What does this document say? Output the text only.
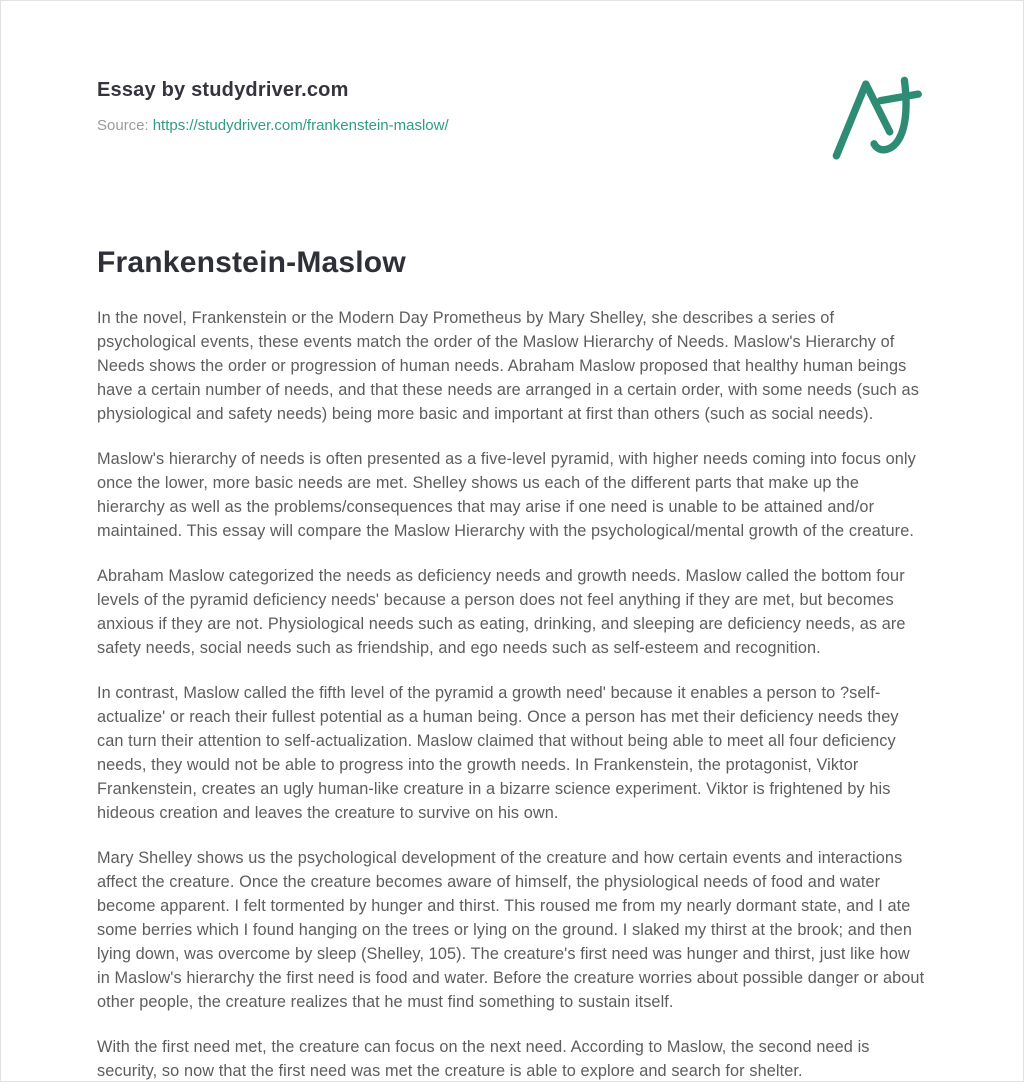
Essay by studydriver.com
Source: https://studydriver.com/frankenstein-maslow/
Frankenstein-Maslow

In the novel, Frankenstein or the Modern Day Prometheus by Mary Shelley, she describes a series of psychological events, these events match the order of the Maslow Hierarchy of Needs. Maslow's Hierarchy of Needs shows the order or progression of human needs. Abraham Maslow proposed that healthy human beings have a certain number of needs, and that these needs are arranged in a certain order, with some needs (such as physiological and safety needs) being more basic and important at first than others (such as social needs).

Maslow's hierarchy of needs is often presented as a five-level pyramid, with higher needs coming into focus only once the lower, more basic needs are met. Shelley shows us each of the different parts that make up the hierarchy as well as the problems/consequences that may arise if one need is unable to be attained and/or maintained. This essay will compare the Maslow Hierarchy with the psychological/mental growth of the creature.

Abraham Maslow categorized the needs as deficiency needs and growth needs. Maslow called the bottom four levels of the pyramid deficiency needs' because a person does not feel anything if they are met, but becomes anxious if they are not. Physiological needs such as eating, drinking, and sleeping are deficiency needs, as are safety needs, social needs such as friendship, and ego needs such as self-esteem and recognition.

In contrast, Maslow called the fifth level of the pyramid a growth need' because it enables a person to ?self-actualize' or reach their fullest potential as a human being. Once a person has met their deficiency needs they can turn their attention to self-actualization. Maslow claimed that without being able to meet all four deficiency needs, they would not be able to progress into the growth needs. In Frankenstein, the protagonist, Viktor Frankenstein, creates an ugly human-like creature in a bizarre science experiment. Viktor is frightened by his hideous creation and leaves the creature to survive on his own.

Mary Shelley shows us the psychological development of the creature and how certain events and interactions affect the creature. Once the creature becomes aware of himself, the physiological needs of food and water become apparent. I felt tormented by hunger and thirst. This roused me from my nearly dormant state, and I ate some berries which I found hanging on the trees or lying on the ground. I slaked my thirst at the brook; and then lying down, was overcome by sleep (Shelley, 105). The creature's first need was hunger and thirst, just like how in Maslow's hierarchy the first need is food and water. Before the creature worries about possible danger or about other people, the creature realizes that he must find something to sustain itself.

With the first need met, the creature can focus on the next need. According to Maslow, the second need is security, so now that the first need was met the creature is able to explore and search for shelter.
